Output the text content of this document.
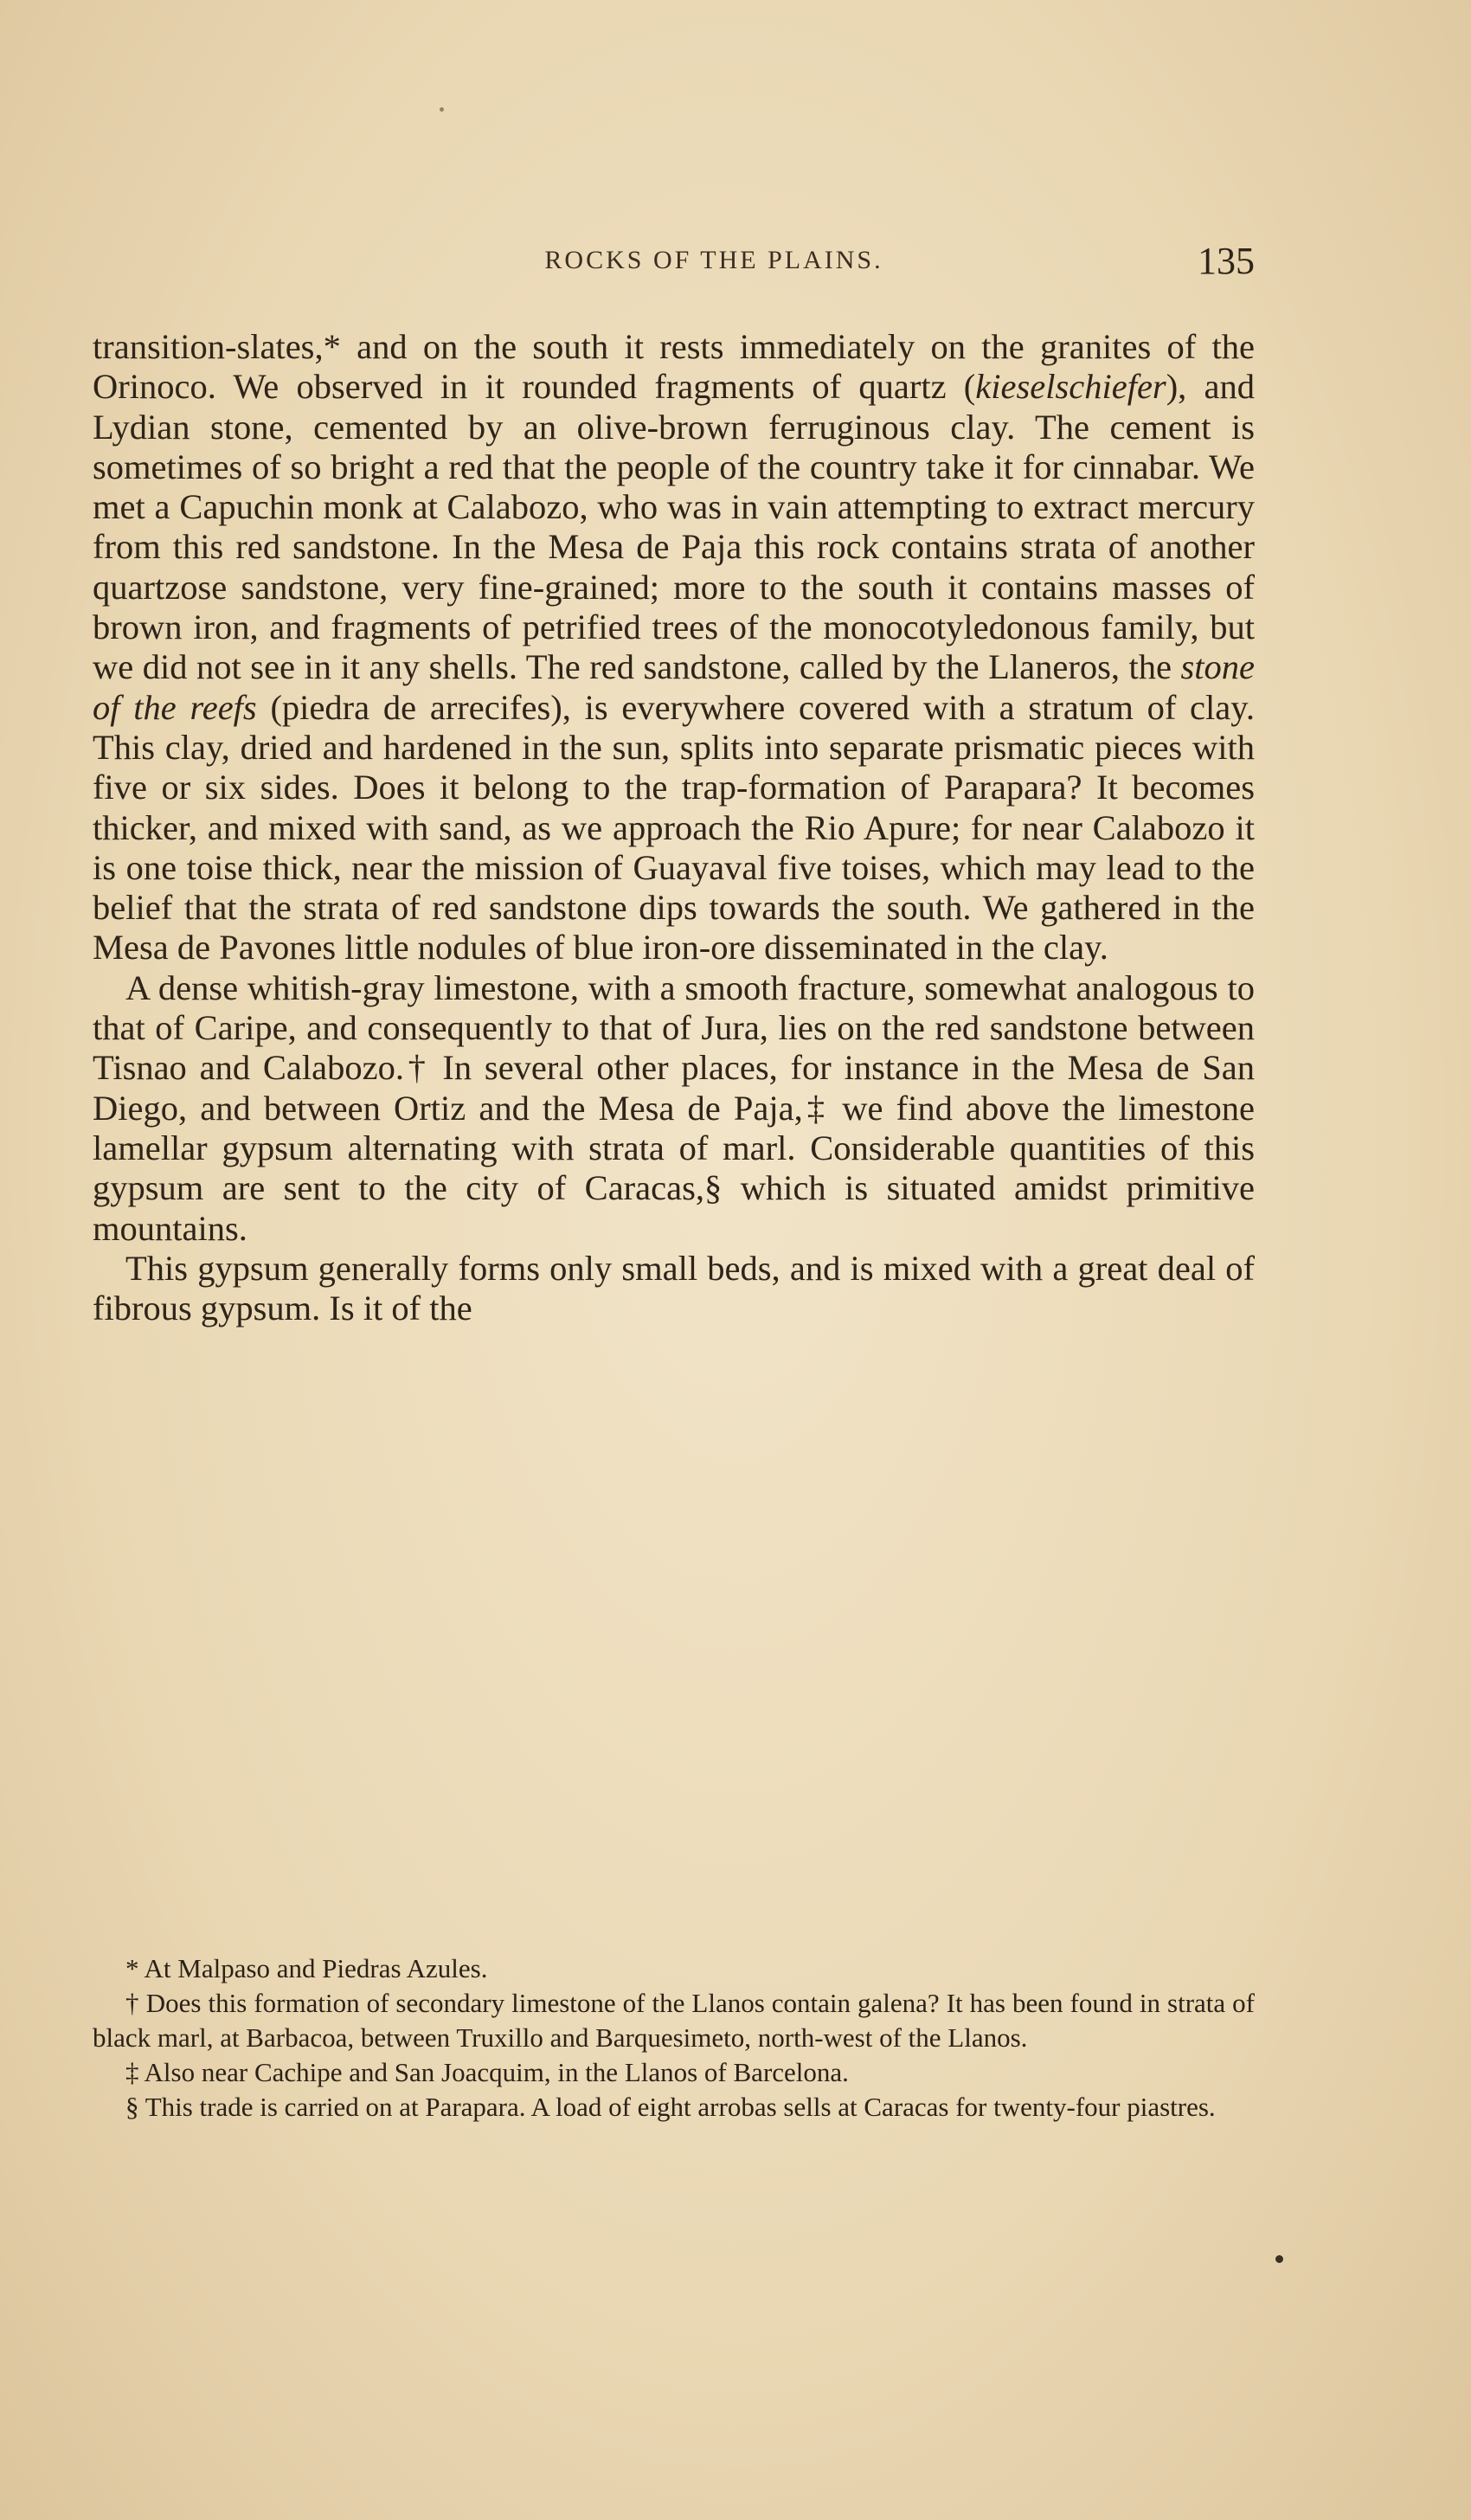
ROCKS OF THE PLAINS.	135

transition-slates,* and on the south it rests immediately on the granites of the Orinoco. We observed in it rounded fragments of quartz (kieselschiefer), and Lydian stone, cemented by an olive-brown ferruginous clay. The cement is sometimes of so bright a red that the people of the country take it for cinnabar. We met a Capuchin monk at Calabozo, who was in vain attempting to extract mercury from this red sandstone. In the Mesa de Paja this rock contains strata of another quartzose sandstone, very fine-grained; more to the south it contains masses of brown iron, and fragments of petrified trees of the monocotyledonous family, but we did not see in it any shells. The red sandstone, called by the Llaneros, the stone of the reefs (piedra de arrecifes), is everywhere covered with a stratum of clay. This clay, dried and hardened in the sun, splits into separate prismatic pieces with five or six sides. Does it belong to the trap-formation of Parapara? It becomes thicker, and mixed with sand, as we approach the Rio Apure; for near Calabozo it is one toise thick, near the mission of Guayaval five toises, which may lead to the belief that the strata of red sandstone dips towards the south. We gathered in the Mesa de Pavones little nodules of blue iron-ore disseminated in the clay.

A dense whitish-gray limestone, with a smooth fracture, somewhat analogous to that of Caripe, and consequently to that of Jura, lies on the red sandstone between Tisnao and Calabozo.† In several other places, for instance in the Mesa de San Diego, and between Ortiz and the Mesa de Paja,‡ we find above the limestone lamellar gypsum alternating with strata of marl. Considerable quantities of this gypsum are sent to the city of Caracas,§ which is situated amidst primitive mountains.

This gypsum generally forms only small beds, and is mixed with a great deal of fibrous gypsum. Is it of the

* At Malpaso and Piedras Azules.

† Does this formation of secondary limestone of the Llanos contain galena? It has been found in strata of black marl, at Barbacoa, between Truxillo and Barquesimeto, north-west of the Llanos.

‡ Also near Cachipe and San Joacquim, in the Llanos of Barcelona.

§ This trade is carried on at Parapara. A load of eight arrobas sells at Caracas for twenty-four piastres.
